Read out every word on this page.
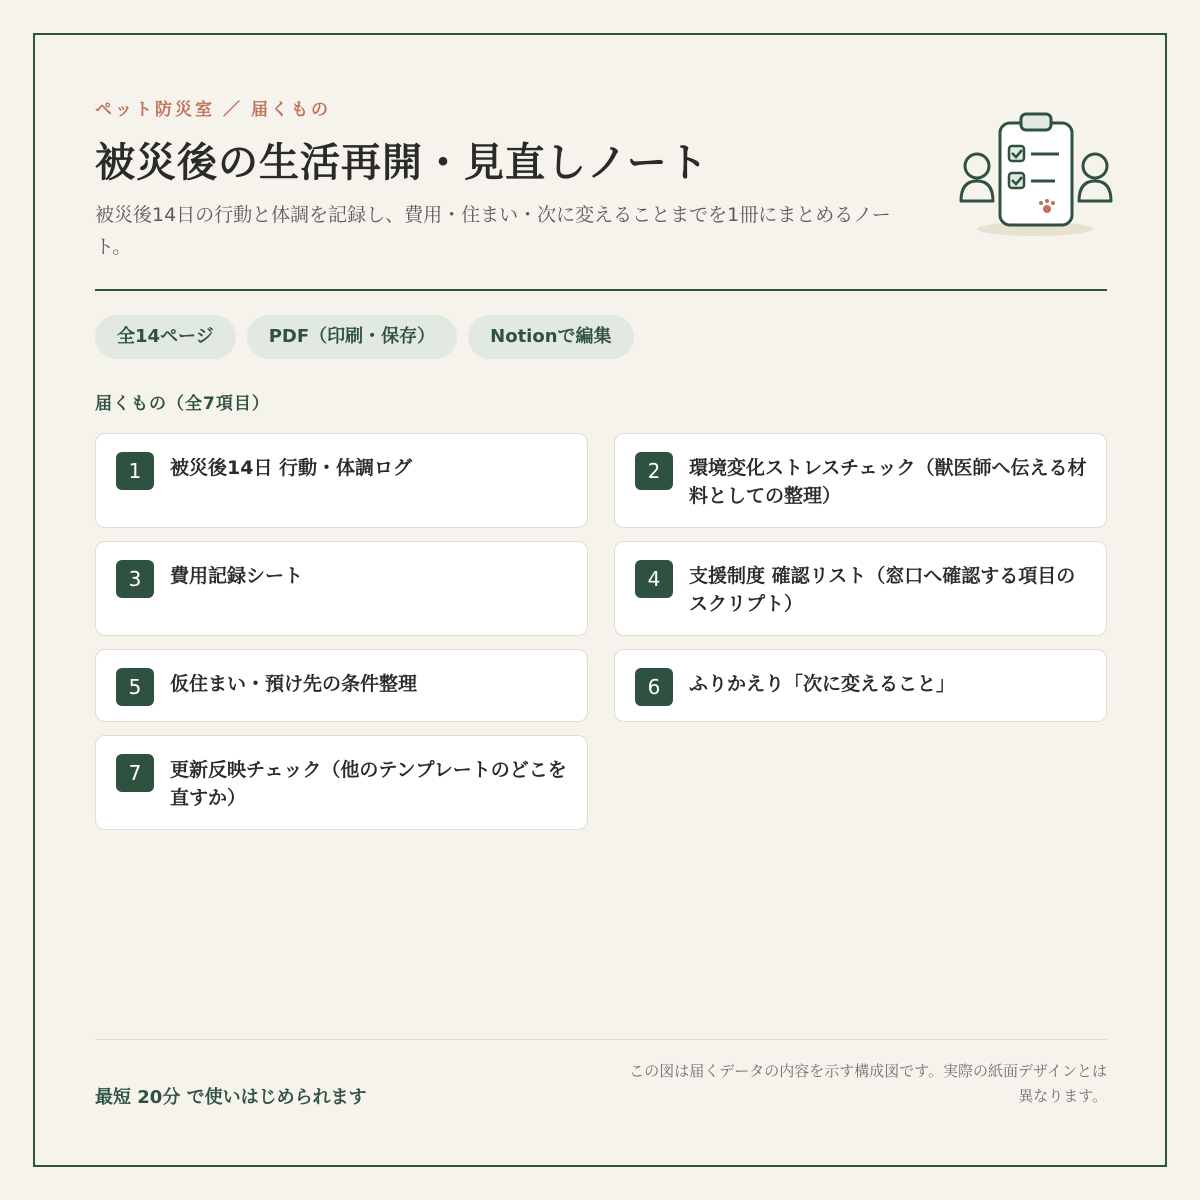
ペット防災室 ／ 届くもの
被災後の生活再開・見直しノート

被災後14日の行動と体調を記録し、費用・住まい・次に変えることまでを1冊にまとめるノート。

全14ページ	PDF（印刷・保存）	Notionで編集
届くもの（全7項目）
1	被災後14日 行動・体調ログ	2	環境変化ストレスチェック（獣医師へ伝える材料としての整理）
3	費用記録シート	4	支援制度 確認リスト（窓口へ確認する項目のスクリプト）
5	仮住まい・預け先の条件整理	6	ふりかえり「次に変えること」
7	更新反映チェック（他のテンプレートのどこを直すか）

最短 20分 で使いはじめられます

この図は届くデータの内容を示す構成図です。実際の紙面デザインとは異なります。
